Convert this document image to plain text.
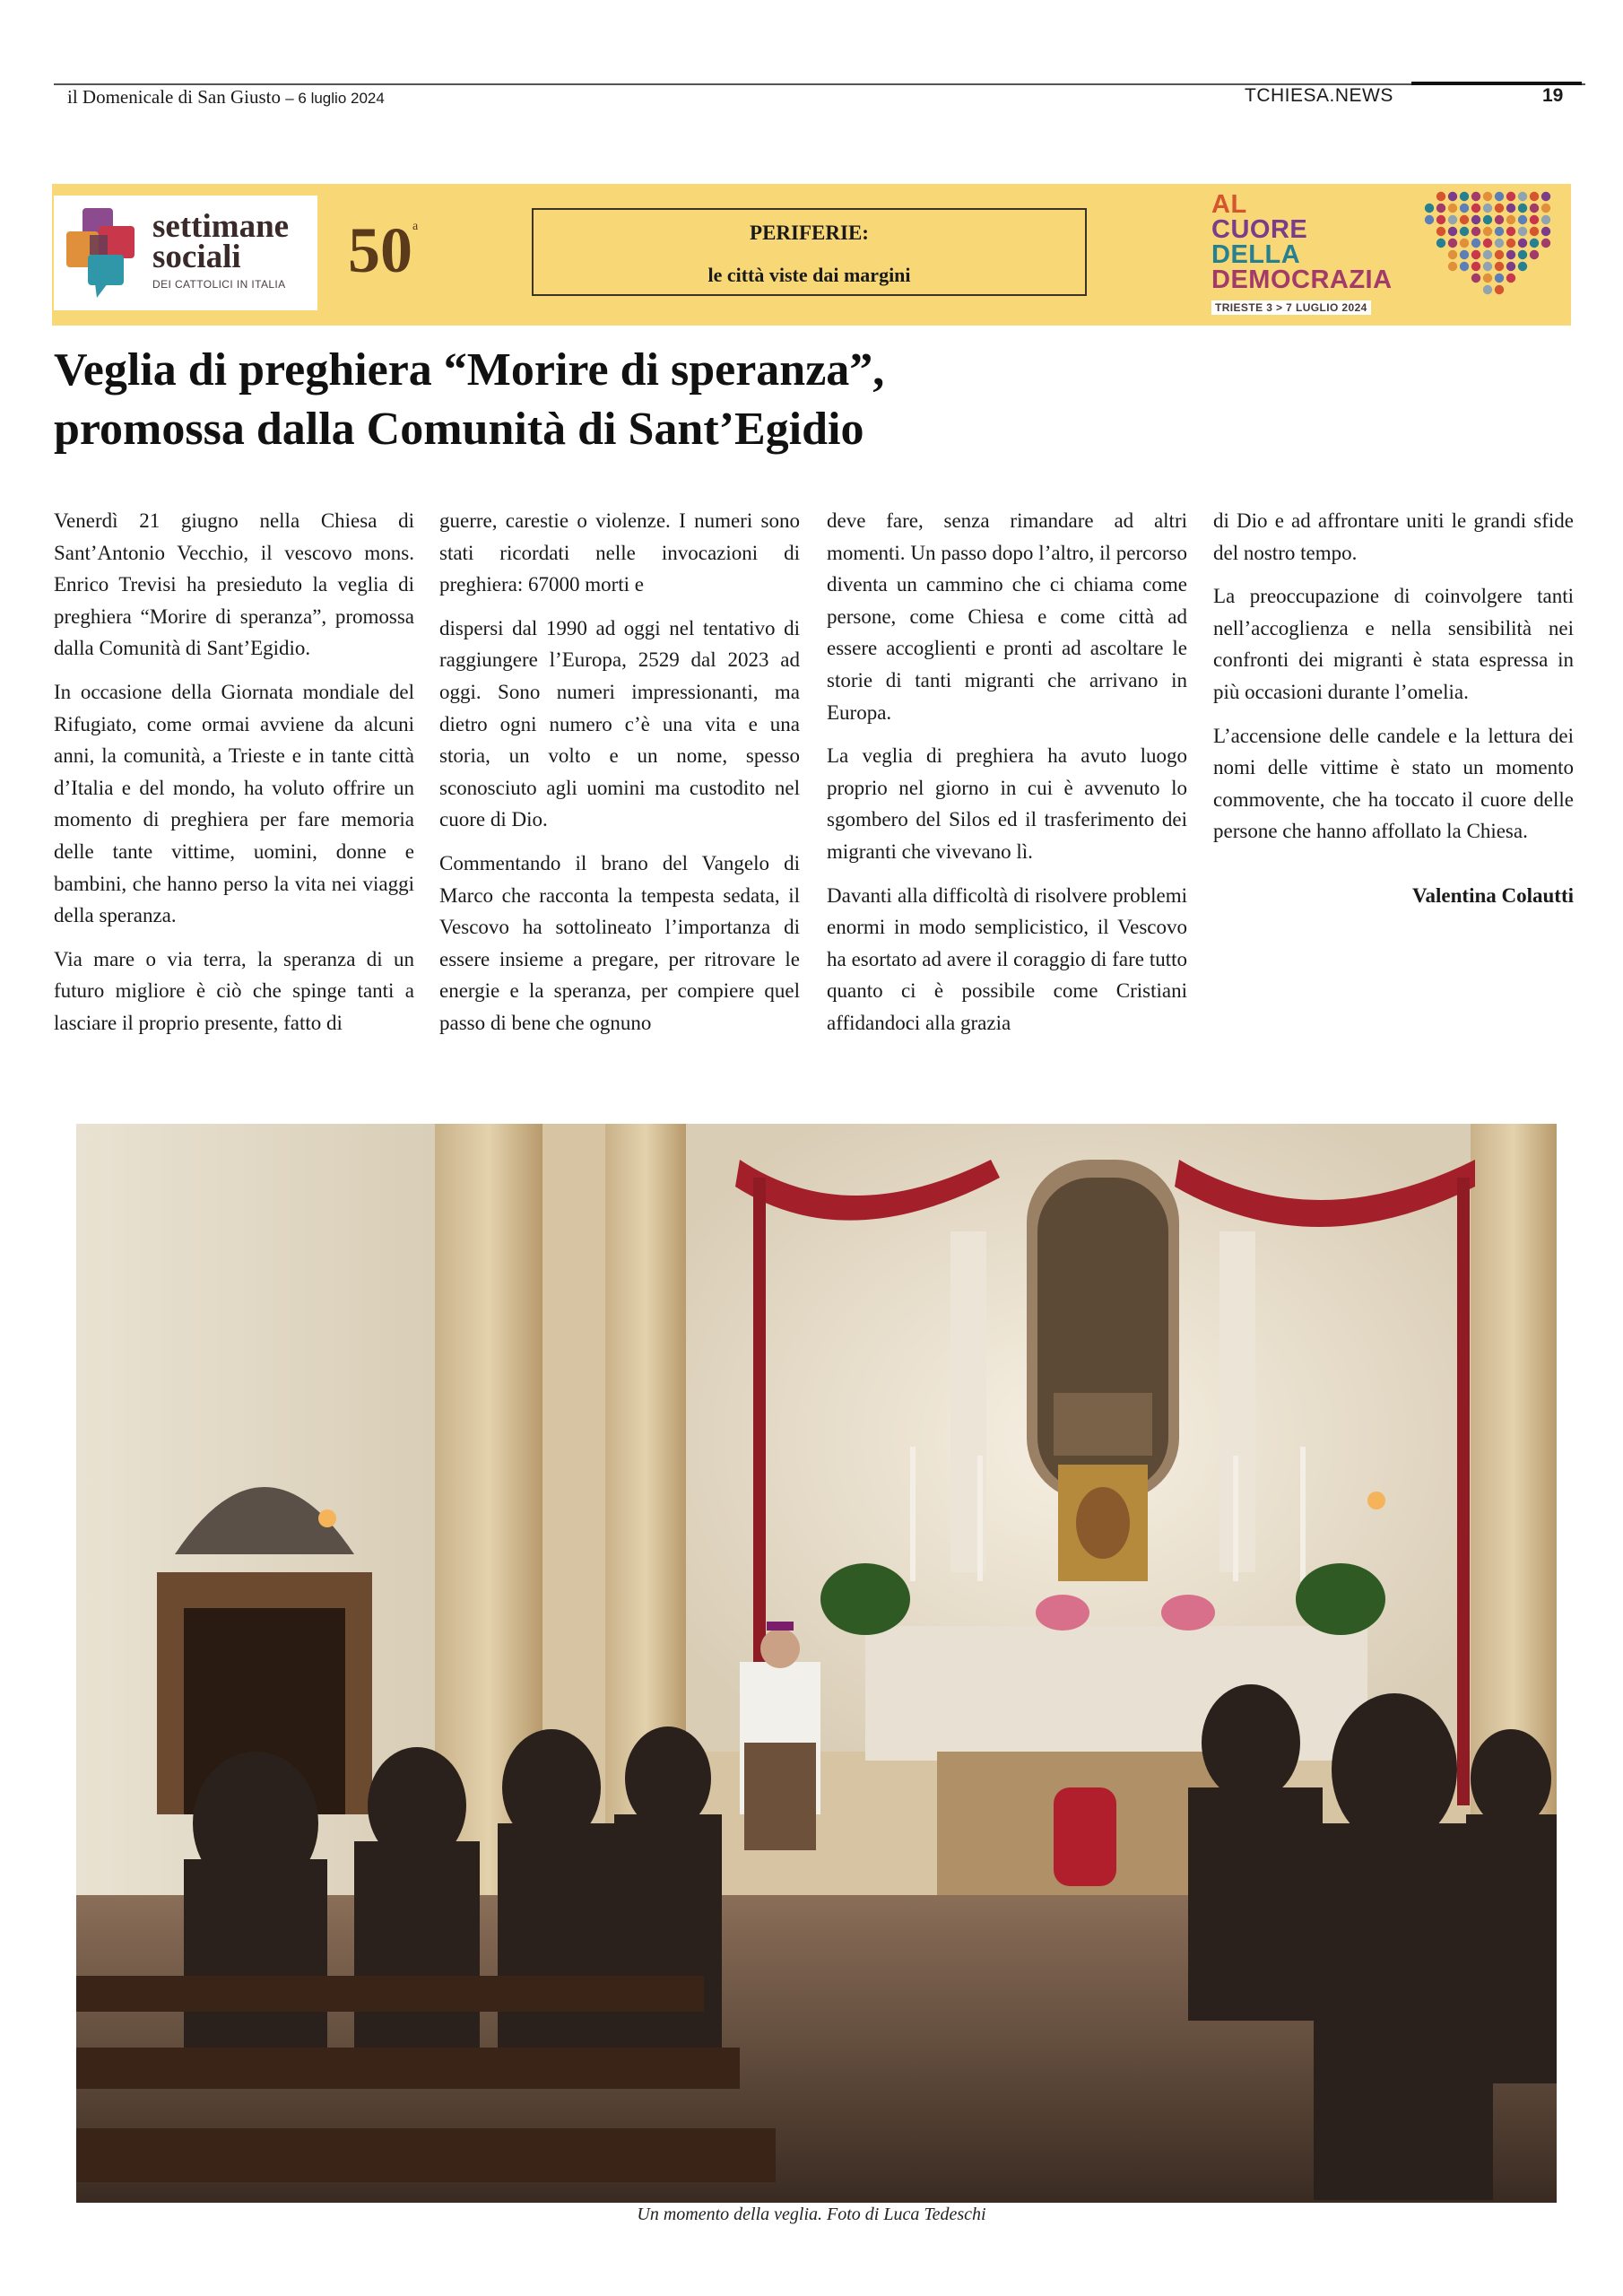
il Domenicale di San Giusto – 6 luglio 2024	TCHIESA.NEWS	19
settimane
sociali
DEI CATTOLICI IN ITALIA 50 a	PERIFERIE:
le città viste dai margini
AL
CUORE
DELLA
DEMOCRAZIA
TRIESTE 3 > 7 LUGLIO 2024
Veglia di preghiera “Morire di speranza”,
promossa dalla Comunità di Sant’Egidio

Venerdì 21 giugno nella Chiesa di Sant’Antonio Vecchio, il vescovo mons. Enrico Trevisi ha presieduto la veglia di preghiera “Morire di speranza”, promossa dalla Comunità di Sant’Egidio.

In occasione della Giornata mondiale del Rifugiato, come ormai avviene da alcuni anni, la comunità, a Trieste e in tante città d’Italia e del mondo, ha voluto offrire un momento di preghiera per fare memoria delle tante vittime, uomini, donne e bambini, che hanno perso la vita nei viaggi della speranza.

Via mare o via terra, la speranza di un futuro migliore è ciò che spinge tanti a lasciare il proprio presente, fatto di

guerre, carestie o violenze. I numeri sono stati ricordati nelle invocazioni di preghiera: 67000 morti e

dispersi dal 1990 ad oggi nel tentativo di raggiungere l’Europa, 2529 dal 2023 ad oggi. Sono numeri impressionanti, ma dietro ogni numero c’è una vita e una storia, un volto e un nome, spesso sconosciuto agli uomini ma custodito nel cuore di Dio.

Commentando il brano del Vangelo di Marco che racconta la tempesta sedata, il Vescovo ha sottolineato l’importanza di essere insieme a pregare, per ritrovare le energie e la speranza, per compiere quel passo di bene che ognuno

deve fare, senza rimandare ad altri momenti. Un passo dopo l’altro, il percorso diventa un cammino che ci chiama come persone, come Chiesa e come città ad essere accoglienti e pronti ad ascoltare le storie di tanti migranti che arrivano in Europa.

La veglia di preghiera ha avuto luogo proprio nel giorno in cui è avvenuto lo sgombero del Silos ed il trasferimento dei migranti che vivevano lì.

Davanti alla difficoltà di risolvere problemi enormi in modo semplicistico, il Vescovo ha esortato ad avere il coraggio di fare tutto quanto ci è possibile come Cristiani affidandoci alla grazia

di Dio e ad affrontare uniti le grandi sfide del nostro tempo.

La preoccupazione di coinvolgere tanti nell’accoglienza e nella sensibilità nei confronti dei migranti è stata espressa in più occasioni durante l’omelia.

L’accensione delle candele e la lettura dei nomi delle vittime è stato un momento commovente, che ha toccato il cuore delle persone che hanno affollato la Chiesa.

Valentina Colautti

Un momento della veglia. Foto di Luca Tedeschi
